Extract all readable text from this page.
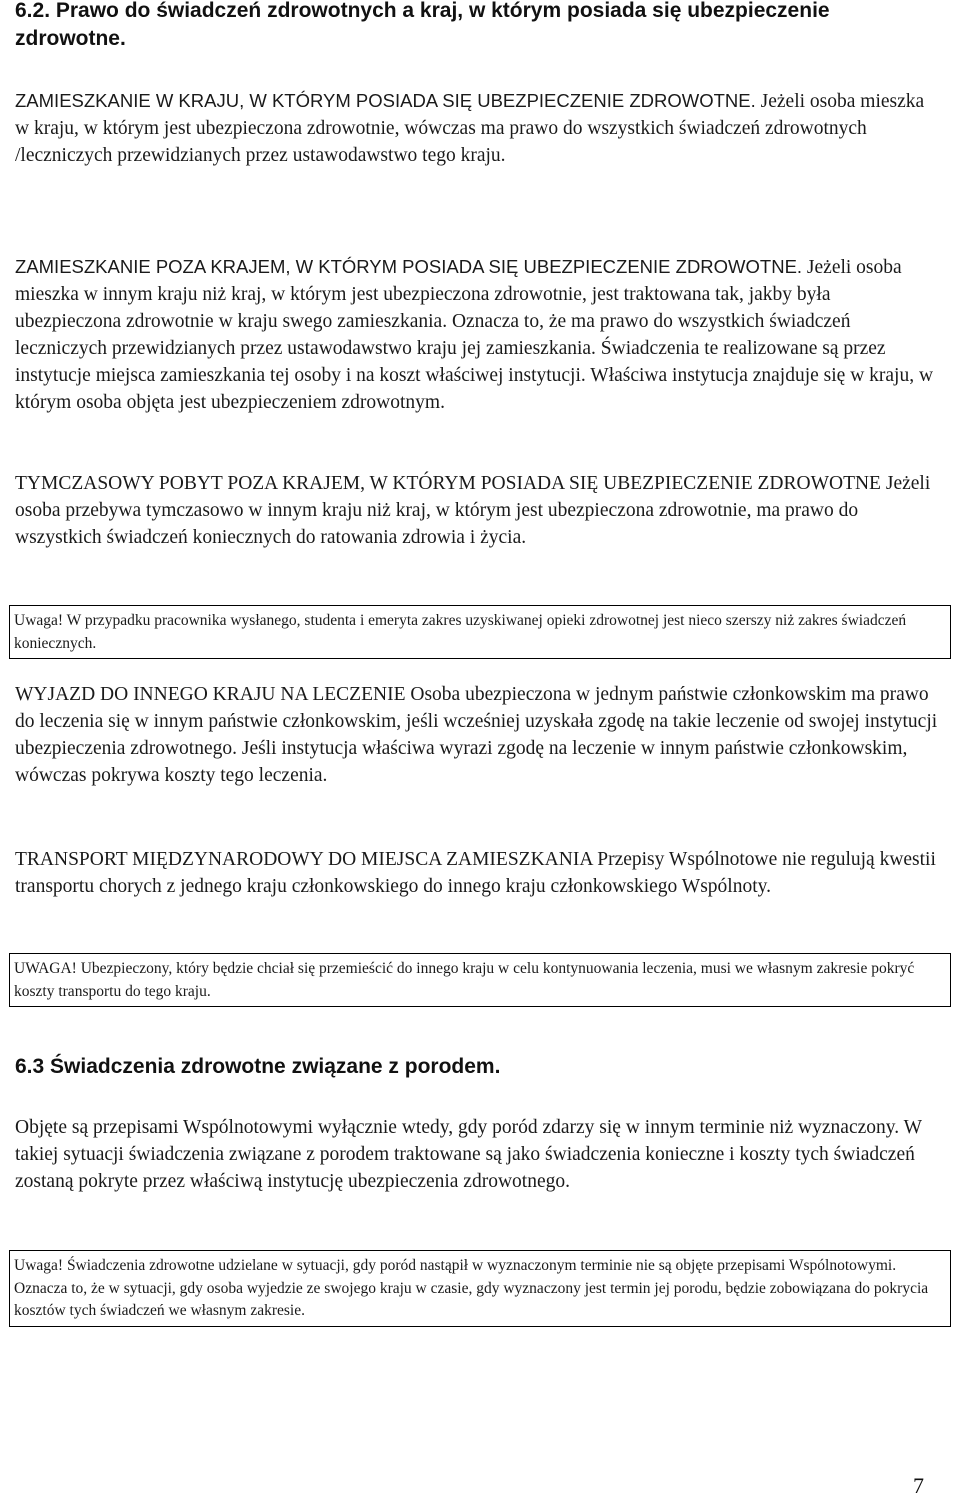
6.2. Prawo do świadczeń zdrowotnych a kraj, w którym posiada się ubezpieczenie zdrowotne.

ZAMIESZKANIE W KRAJU, W KTÓRYM POSIADA SIĘ UBEZPIECZENIE ZDROWOTNE. Jeżeli osoba mieszka w kraju, w którym jest ubezpieczona zdrowotnie, wówczas ma prawo do wszystkich świadczeń zdrowotnych /leczniczych przewidzianych przez ustawodawstwo tego kraju.

ZAMIESZKANIE POZA KRAJEM, W KTÓRYM POSIADA SIĘ UBEZPIECZENIE ZDROWOTNE. Jeżeli osoba mieszka w innym kraju niż kraj, w którym jest ubezpieczona zdrowotnie, jest traktowana tak, jakby była ubezpieczona zdrowotnie w kraju swego zamieszkania. Oznacza to, że ma prawo do wszystkich świadczeń leczniczych przewidzianych przez ustawodawstwo kraju jej zamieszkania. Świadczenia te realizowane są przez instytucje miejsca zamieszkania tej osoby i na koszt właściwej instytucji. Właściwa instytucja znajduje się w kraju, w którym osoba objęta jest ubezpieczeniem zdrowotnym.

TYMCZASOWY POBYT POZA KRAJEM, W KTÓRYM POSIADA SIĘ UBEZPIECZENIE ZDROWOTNE Jeżeli osoba przebywa tymczasowo w innym kraju niż kraj, w którym jest ubezpieczona zdrowotnie, ma prawo do wszystkich świadczeń koniecznych do ratowania zdrowia i życia.

Uwaga! W przypadku pracownika wysłanego, studenta i emeryta zakres uzyskiwanej opieki zdrowotnej jest nieco szerszy niż zakres świadczeń koniecznych.

WYJAZD DO INNEGO KRAJU NA LECZENIE Osoba ubezpieczona w jednym państwie członkowskim ma prawo do leczenia się w innym państwie członkowskim, jeśli wcześniej uzyskała zgodę na takie leczenie od swojej instytucji ubezpieczenia zdrowotnego. Jeśli instytucja właściwa wyrazi zgodę na leczenie w innym państwie członkowskim, wówczas pokrywa koszty tego leczenia.

TRANSPORT MIĘDZYNARODOWY DO MIEJSCA ZAMIESZKANIA Przepisy Wspólnotowe nie regulują kwestii transportu chorych z jednego kraju członkowskiego do innego kraju członkowskiego Wspólnoty.

UWAGA! Ubezpieczony, który będzie chciał się przemieścić do innego kraju w celu kontynuowania leczenia, musi we własnym zakresie pokryć koszty transportu do tego kraju.
6.3 Świadczenia zdrowotne związane z porodem.

Objęte są przepisami Wspólnotowymi wyłącznie wtedy, gdy poród zdarzy się w innym terminie niż wyznaczony. W takiej sytuacji świadczenia związane z porodem traktowane są jako świadczenia konieczne i koszty tych świadczeń zostaną pokryte przez właściwą instytucję ubezpieczenia zdrowotnego.

Uwaga! Świadczenia zdrowotne udzielane w sytuacji, gdy poród nastąpił w wyznaczonym terminie nie są objęte przepisami Wspólnotowymi. Oznacza to, że w sytuacji, gdy osoba wyjedzie ze swojego kraju w czasie, gdy wyznaczony jest termin jej porodu, będzie zobowiązana do pokrycia kosztów tych świadczeń we własnym zakresie.
7
